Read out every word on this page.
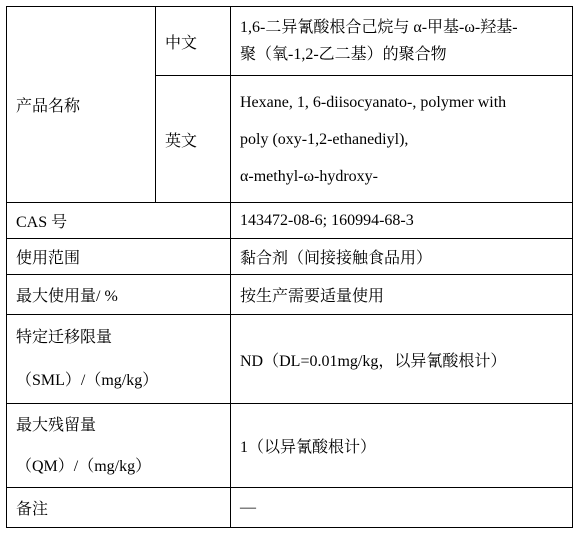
产品名称	中文	1,6-二异氰酸根合己烷与 α-甲基-ω-羟基-
聚（氧-1,2-乙二基）的聚合物
	英文	Hexane, 1, 6-diisocyanato-, polymer with
poly (oxy-1,2-ethanediyl),
α-methyl-ω-hydroxy-
CAS 号		143472-08-6; 160994-68-3
使用范围		黏合剂（间接接触食品用）
最大使用量/ %		按生产需要适量使用
特定迁移限量
（SML）/（mg/kg）		ND（DL=0.01mg/kg，以异氰酸根计）
最大残留量
（QM）/（mg/kg）		1（以异氰酸根计）
备注		—
